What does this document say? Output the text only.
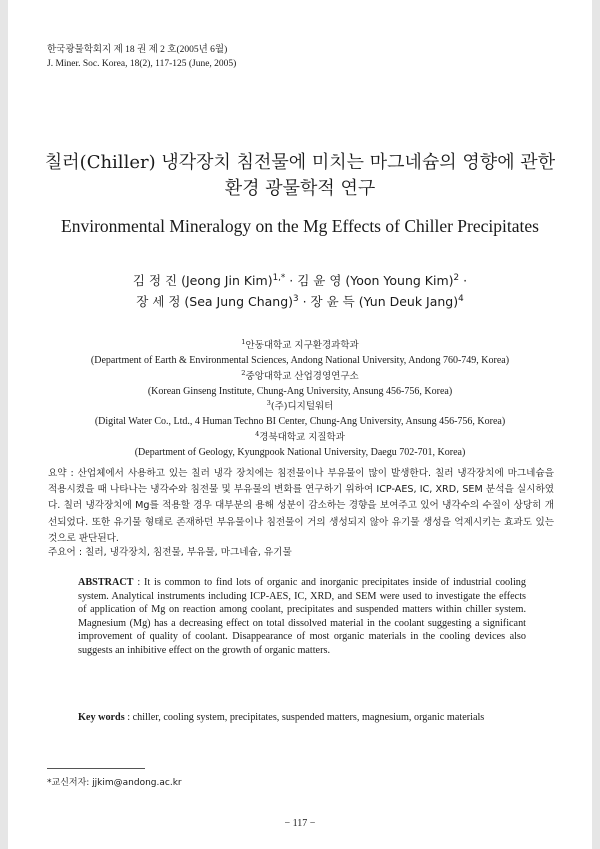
한국광물학회지 제 18 권 제 2 호(2005년 6월)
J. Miner. Soc. Korea, 18(2), 117-125 (June, 2005)
칠러(Chiller) 냉각장치 침전물에 미치는 마그네슘의 영향에 관한
환경 광물학적 연구
Environmental Mineralogy on the Mg Effects of Chiller Precipitates
김 정 진 (Jeong Jin Kim)$^{1,*}$ · 김 윤 영 (Yoon Young Kim)$^2$ ·
장 세 정 (Sea Jung Chang)$^3$ · 장 윤 득 (Yun Deuk Jang)$^4$
$^1$안동대학교 지구환경과학과
(Department of Earth & Environmental Sciences, Andong National University, Andong 760-749, Korea)
$^2$중앙대학교 산업경영연구소
(Korean Ginseng Institute, Chung-Ang University, Ansung 456-756, Korea)
$^3$(주)디지털워터
(Digital Water Co., Ltd., 4 Human Techno BI Center, Chung-Ang University, Ansung 456-756, Korea)
$^4$경북대학교 지질학과
(Department of Geology, Kyungpook National University, Daegu 702-701, Korea)
요약 : 산업체에서 사용하고 있는 칠러 냉각 장치에는 침전물이나 부유물이 많이 발생한다. 칠러 냉각장치에 마그네슘을 적용시켰을 때 나타나는 냉각수와 침전물 및 부유물의 변화를 연구하기 위하여 ICP-AES, IC, XRD, SEM 분석을 실시하였다. 칠러 냉각장치에 Mg를 적용할 경우 대부분의 용해 성분이 감소하는 경향을 보여주고 있어 냉각수의 수질이 상당히 개선되었다. 또한 유기물 형태로 존재하던 부유물이나 침전물이 거의 생성되지 않아 유기물 생성을 억제시키는 효과도 있는 것으로 판단된다.
주요어 : 칠러, 냉각장치, 침전물, 부유물, 마그네슘, 유기물
ABSTRACT : It is common to find lots of organic and inorganic precipitates inside of industrial cooling system. Analytical instruments including ICP-AES, IC, XRD, and SEM were used to investigate the effects of application of Mg on reaction among coolant, precipitates and suspended matters within chiller system. Magnesium (Mg) has a decreasing effect on total dissolved material in the coolant suggesting a significant improvement of quality of coolant. Disappearance of most organic materials in the cooling devices also suggests an inhibitive effect on the growth of organic matters.
Key words : chiller, cooling system, precipitates, suspended matters, magnesium, organic materials
*교신저자: jjkim@andong.ac.kr
− 117 −
